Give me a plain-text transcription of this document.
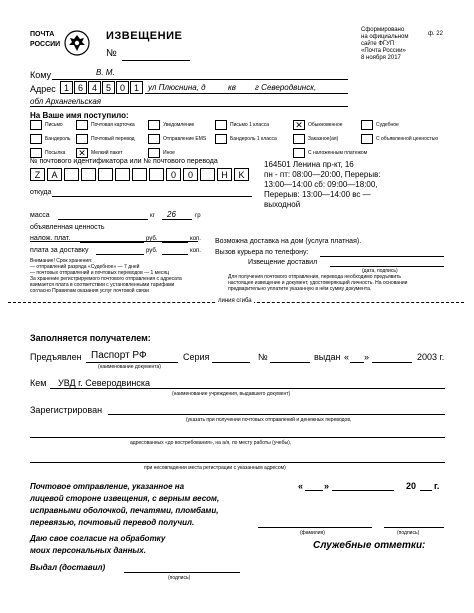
ПОЧТА
РОССИИ
ИЗВЕЩЕНИЕ
№
Сформировано
на официальном
сайте ФГУП
«Почта России»
8 ноября 2017
ф. 22
Кому	В. М.
Адрес 1 6 4 5 0 1	ул Плюснина, д	кв г Северодвинск,
обл Архангельская
На Ваше имя поступило:
Письмо	Почтовая карточка	Уведомление	Письмо 1 класса	✕	Обыкновенное	Судебное
Бандероль	Почтовый перевод	Отправление EMS	Бандероль 1 класса	Заказное(ая)	С объявленной ценностью
Посылка ✕	Мелкий пакет	Иное	С наложенным платежом
№ почтового идентификатора или № почтового перевода
Z	A	0	0	H	K
164501 Ленина пр-кт, 16
пн - пт: 08:00—20:00, Перерыв:
13:00—14:00 сб: 09:00—18:00,
Перерыв: 13:00—14:00 вс —
выходной
откуда
масса	кг 26	гр
объявленная ценность
налож. плат.	руб.	коп.
плата за доставку	руб.	коп.
Возможна доставка на дом (услуга платная).
Вызов курьера по телефону:
Извещение доставил
(дата, подпись)
Внимание! Срок хранения:
— отправлений разряда «Судебное» — 7 дней
— почтовых отправлений и почтовых переводов — 1 месяц
За хранение регистрируемого почтового отправления с адресата
взимается плата в соответствии с установленными тарифами
согласно Правилам оказания услуг почтовой связи
Для получения почтового отправления, перевода необходимо предъявить
настоящее извещение и документ, удостоверяющий личность. На основании
предварительно уплатите указанную в нём сумму документа.
линия сгиба
Заполняется получателем:
Предъявлен Паспорт РФ	Серия	№	выдан « »	2003 г.
(наименование документа)
Кем УВД г. Северодвинска
(наименование учреждения, выдавшего документ)
Зарегистрирован
(указать при получении почтовых отправлений и денежных переводов,
адресованных «до востребования», на а/я, по месту работы (учебы),
при несовпадении места регистрации с указанным адресом)
Почтовое отправление, указанное на
лицевой стороне извещения, с верным весом,
исправными оболочкой, печатями, пломбами,
перевязью, почтовый перевод получил.
Даю свое согласие на обработку
моих персональных данных.
« »	20 г.
(фамилия)	(подпись)
Служебные отметки:
Выдал (доставил)
(подпись)
